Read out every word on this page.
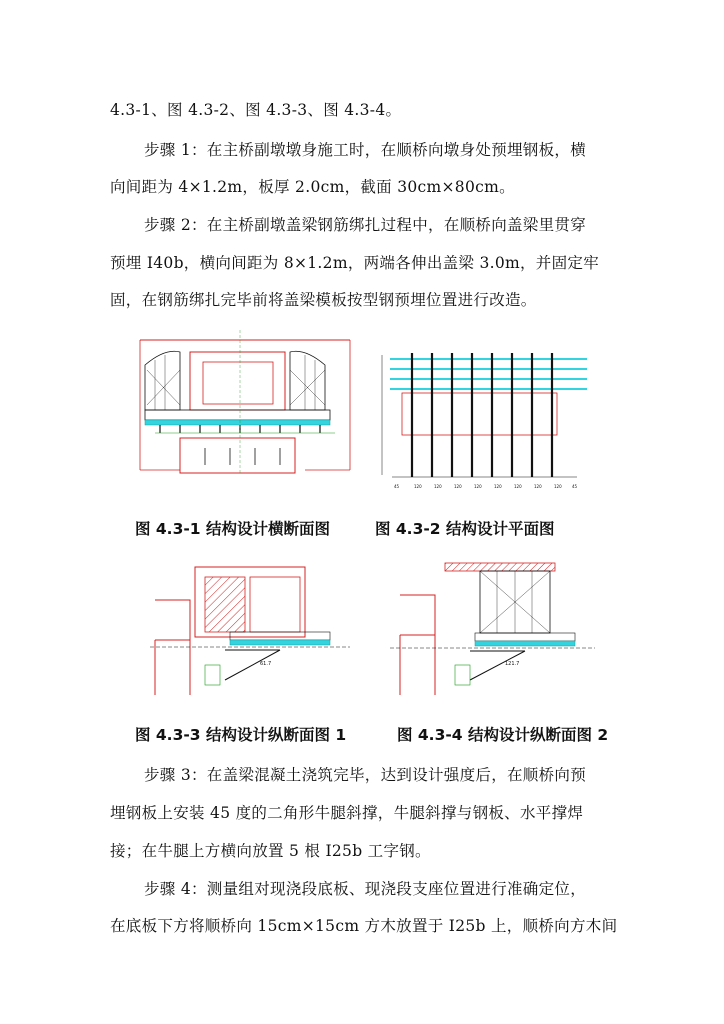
4.3-1、图 4.3-2、图 4.3-3、图 4.3-4。
步骤 1：在主桥副墩墩身施工时，在顺桥向墩身处预埋钢板，横
向间距为 4×1.2m，板厚 2.0cm，截面 30cm×80cm。
步骤 2：在主桥副墩盖梁钢筋绑扎过程中，在顺桥向盖梁里贯穿
预埋 I40b，横向间距为 8×1.2m，两端各伸出盖梁 3.0m，并固定牢
固，在钢筋绑扎完毕前将盖梁模板按型钢预埋位置进行改造。
图 4.3-1 结构设计横断面图
45	120	120	120	120	120	120	120	120	45
图 4.3-2 结构设计平面图
61.7
图 4.3-3 结构设计纵断面图 1
121.7
图 4.3-4 结构设计纵断面图 2
步骤 3：在盖梁混凝土浇筑完毕，达到设计强度后，在顺桥向预
埋钢板上安装 45 度的二角形牛腿斜撑，牛腿斜撑与钢板、水平撑焊
接；在牛腿上方横向放置 5 根 I25b 工字钢。
步骤 4：测量组对现浇段底板、现浇段支座位置进行准确定位，
在底板下方将顺桥向 15cm×15cm 方木放置于 I25b 上，顺桥向方木间
